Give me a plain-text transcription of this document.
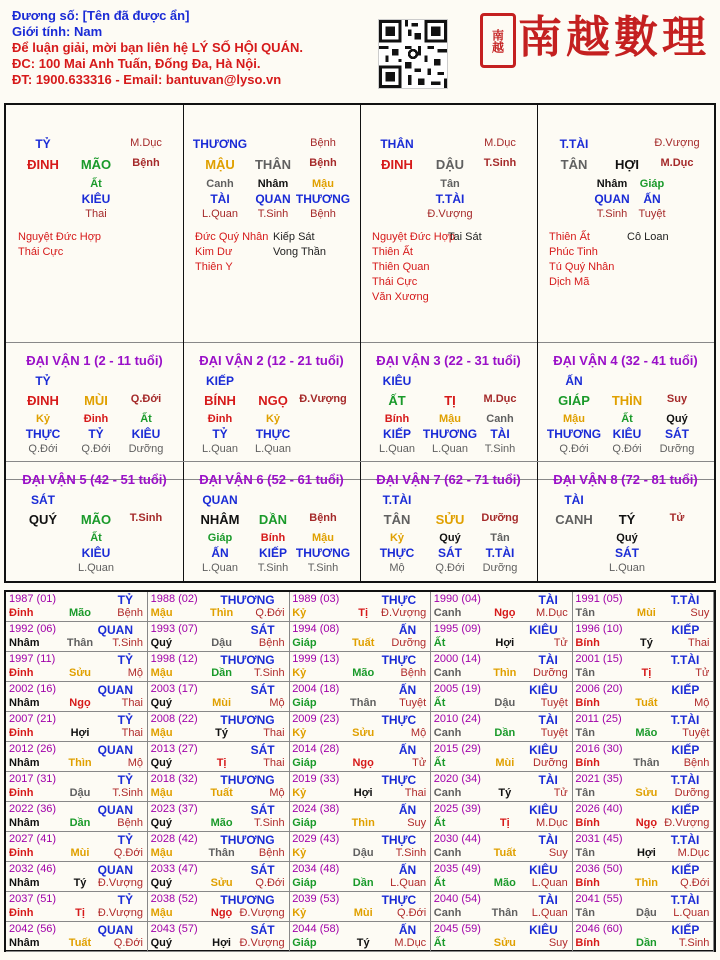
Đương số: [Tên đã được ẩn]
Giới tính: Nam
Để luận giải, mời bạn liên hệ LÝ SỐ HỘI QUÁN.
ĐC: 100 Mai Anh Tuấn, Đống Đa, Hà Nội.
ĐT: 1900.633316 - Email: bantuvan@lyso.vn
南越 南越數理
TỶ	M.Dục
ĐINH	MÃO	Bệnh
Ất
KIÊU
Thai
Nguyệt Đức Hợp
Thái Cực
THƯƠNG	Bệnh
MẬU	THÂN	Bệnh
Canh
TÀI
L.Quan
Nhâm
QUAN
T.Sinh
Mậu
THƯƠNG
Bệnh
Đức Quý Nhân
Kim Dư
Thiên Y
Kiếp Sát
Vong Thần
THÂN	M.Dục
ĐINH	DẬU	T.Sinh
Tân
T.TÀI
Đ.Vượng
Nguyệt Đức Hợp
Thiên Ất
Thiên Quan
Thái Cực
Văn Xương
Tai Sát
T.TÀI	Đ.Vượng
TÂN	HỢI	M.Dục
Nhâm
QUAN
T.Sinh
Giáp
ẤN
Tuyệt
Thiên Ất
Phúc Tinh
Tú Quý Nhân
Dịch Mã
Cô Loan
ĐẠI VẬN 1 (2 - 11 tuổi)
TỶ
ĐINH	MÙI	Q.Đới
Kỷ
THỰC
Q.Đới
Đinh
TỶ
Q.Đới
Ất
KIÊU
Dưỡng
ĐẠI VẬN 2 (12 - 21 tuổi)
KIẾP
BÍNH	NGỌ	Đ.Vượng
Đinh
TỶ
L.Quan
Kỷ
THỰC
L.Quan
ĐẠI VẬN 3 (22 - 31 tuổi)
KIÊU
ẤT	TỊ	M.Dục
Bính
KIẾP
L.Quan
Mậu
THƯƠNG
L.Quan
Canh
TÀI
T.Sinh
ĐẠI VẬN 4 (32 - 41 tuổi)
ẤN
GIÁP	THÌN	Suy
Mậu
THƯƠNG
Q.Đới
Ất
KIÊU
Q.Đới
Quý
SÁT
Dưỡng
ĐẠI VẬN 5 (42 - 51 tuổi)
SÁT
QUÝ	MÃO	T.Sinh
Ất
KIÊU
L.Quan
ĐẠI VẬN 6 (52 - 61 tuổi)
QUAN
NHÂM	DẦN	Bệnh
Giáp
ẤN
L.Quan
Bính
KIẾP
T.Sinh
Mậu
THƯƠNG
T.Sinh
ĐẠI VẬN 7 (62 - 71 tuổi)
T.TÀI
TÂN	SỬU	Dưỡng
Kỷ
THỰC
Mộ
Quý
SÁT
Q.Đới
Tân
T.TÀI
Dưỡng
ĐẠI VẬN 8 (72 - 81 tuổi)
TÀI
CANH	TÝ	Tử
Quý
SÁT
L.Quan
1987 (01)	TỶ
Đinh	Mão	Bệnh
1988 (02) THƯƠNG
Mậu	Thìn	Q.Đới
1989 (03)	THỰC
Kỷ	Tị	Đ.Vượng
1990 (04)	TÀI
Canh	Ngọ	M.Dục
1991 (05)	T.TÀI
Tân	Mùi	Suy
1992 (06)	QUAN
Nhâm	Thân	T.Sinh
1993 (07)	SÁT
Quý	Dậu	Bệnh
1994 (08)	ẤN
Giáp	Tuất	Dưỡng
1995 (09)	KIÊU
Ất	Hợi	Tử
1996 (10)	KIẾP
Bính	Tý	Thai
1997 (11)	TỶ
Đinh	Sửu	Mộ
1998 (12) THƯƠNG
Mậu	Dần	T.Sinh
1999 (13)	THỰC
Kỷ	Mão	Bệnh
2000 (14)	TÀI
Canh	Thìn	Dưỡng
2001 (15)	T.TÀI
Tân	Tị	Tử
2002 (16)	QUAN
Nhâm	Ngọ	Thai
2003 (17)	SÁT
Quý	Mùi	Mộ
2004 (18)	ẤN
Giáp	Thân	Tuyệt
2005 (19)	KIÊU
Ất	Dậu	Tuyệt
2006 (20)	KIẾP
Bính	Tuất	Mộ
2007 (21)	TỶ
Đinh	Hợi	Thai
2008 (22) THƯƠNG
Mậu	Tý	Thai
2009 (23)	THỰC
Kỷ	Sửu	Mộ
2010 (24)	TÀI
Canh	Dần	Tuyệt
2011 (25)	T.TÀI
Tân	Mão	Tuyệt
2012 (26)	QUAN
Nhâm	Thìn	Mộ
2013 (27)	SÁT
Quý	Tị	Thai
2014 (28)	ẤN
Giáp	Ngọ	Tử
2015 (29)	KIÊU
Ất	Mùi	Dưỡng
2016 (30)	KIẾP
Bính	Thân	Bệnh
2017 (31)	TỶ
Đinh	Dậu	T.Sinh
2018 (32) THƯƠNG
Mậu	Tuất	Mộ
2019 (33)	THỰC
Kỷ	Hợi	Thai
2020 (34)	TÀI
Canh	Tý	Tử
2021 (35)	T.TÀI
Tân	Sửu	Dưỡng
2022 (36)	QUAN
Nhâm	Dần	Bệnh
2023 (37)	SÁT
Quý	Mão	T.Sinh
2024 (38)	ẤN
Giáp	Thìn	Suy
2025 (39)	KIÊU
Ất	Tị	M.Dục
2026 (40)	KIẾP
Bính	Ngọ Đ.Vượng
2027 (41)	TỶ
Đinh	Mùi	Q.Đới
2028 (42) THƯƠNG
Mậu	Thân	Bệnh
2029 (43)	THỰC
Kỷ	Dậu	T.Sinh
2030 (44)	TÀI
Canh	Tuất	Suy
2031 (45)	T.TÀI
Tân	Hợi	M.Dục
2032 (46)	QUAN
Nhâm	Tý	Đ.Vượng
2033 (47)	SÁT
Quý	Sửu	Q.Đới
2034 (48)	ẤN
Giáp	Dần	L.Quan
2035 (49)	KIÊU
Ất	Mão	L.Quan
2036 (50)	KIẾP
Bính	Thìn	Q.Đới
2037 (51)	TỶ
Đinh	Tị	Đ.Vượng
2038 (52) THƯƠNG
Mậu	Ngọ Đ.Vượng
2039 (53)	THỰC
Kỷ	Mùi	Q.Đới
2040 (54)	TÀI
Canh	Thân	L.Quan
2041 (55)	T.TÀI
Tân	Dậu	L.Quan
2042 (56)	QUAN
Nhâm	Tuất	Q.Đới
2043 (57)	SÁT
Quý	Hợi Đ.Vượng
2044 (58)	ẤN
Giáp	Tý	M.Dục
2045 (59)	KIÊU
Ất	Sửu	Suy
2046 (60)	KIẾP
Bính	Dần	T.Sinh
